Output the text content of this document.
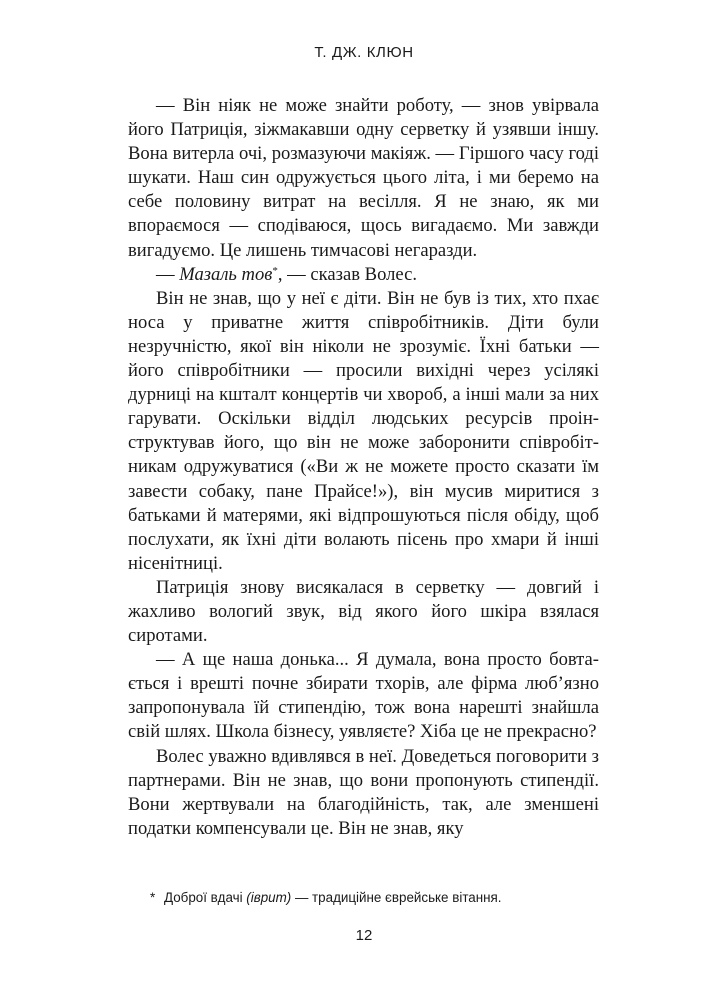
Т. ДЖ. КЛЮН

— Він ніяк не може знайти роботу, — знов увірвала його Патриція, зіжмакавши одну серветку й узявши іншу. Вона витерла очі, розмазуючи макіяж. — Гіршого часу годі шукати. Наш син одружується цього літа, і ми беремо на себе половину витрат на весілля. Я не знаю, як ми впораємося — сподіваюся, щось вигадаємо. Ми завжди вигадуємо. Це лишень тимчасові негаразди.

— Мазаль тов*, — сказав Волес.

Він не знав, що у неї є діти. Він не був із тих, хто пхає носа у приватне життя співробітників. Діти були незручністю, якої він ніколи не зрозуміє. Їхні батьки — його співробітники — просили вихідні через усілякі дурниці на кшталт концертів чи хвороб, а іншi мали за них гарувати. Оскільки відділ людських ресурсів проінструктував його, що він не може заборонити співробітникам одружуватися («Ви ж не можете просто сказати їм завести собаку, пане Прайсе!»), він мусив миритися з батьками й матерями, які відпрошуються після обіду, щоб послухати, як їхні діти волають пісень про хмари й інші нісенітниці.

Патриція знову висякалася в серветку — довгий і жахливо вологий звук, від якого його шкіра взялася сиротами.

— А ще наша донька... Я думала, вона просто бовтається і врешті почне збирати тхорів, але фірма люб’язно запропонувала їй стипендію, тож вона нарешті знайшла свій шлях. Школа бізнесу, уявляєте? Хіба це не прекрасно?

Волес уважно вдивлявся в неї. Доведеться поговорити з партнерами. Він не знав, що вони пропонують стипендії. Вони жертвували на благодійність, так, але зменшені податки компенсували це. Він не знав, яку

* Доброї вдачі (іврит) — традиційне єврейське вітання.
12
